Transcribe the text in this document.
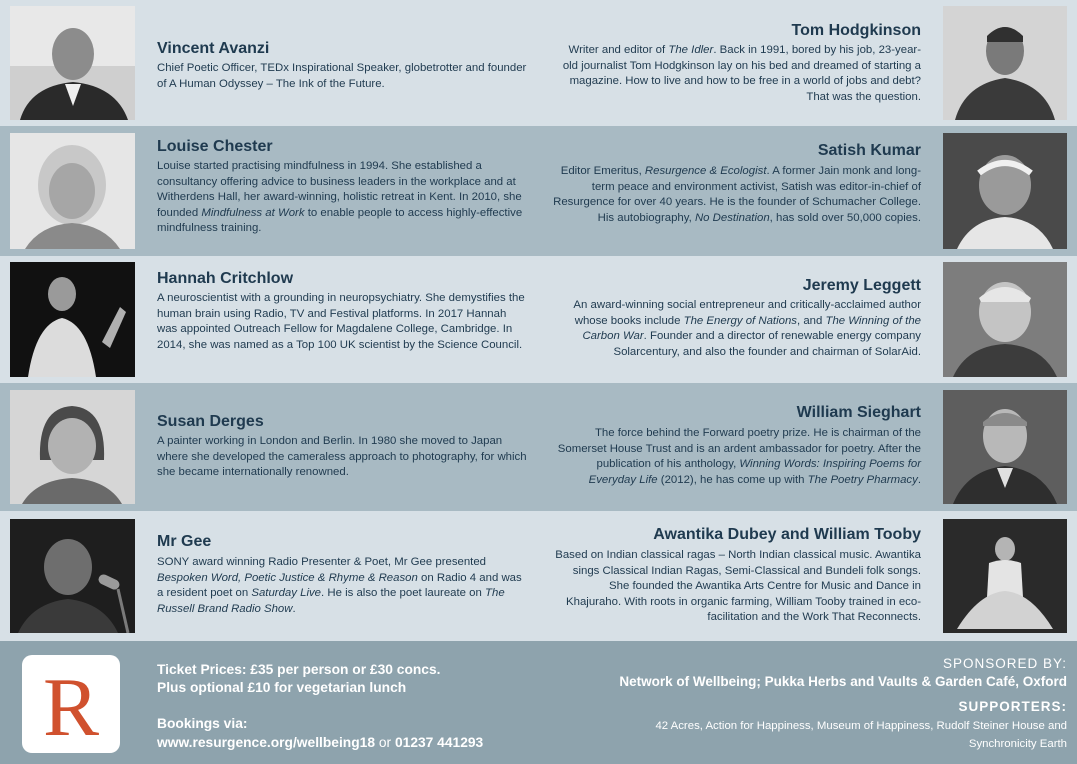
Vincent Avanzi
Chief Poetic Officer, TEDx Inspirational Speaker, globetrotter and founder of A Human Odyssey – The Ink of the Future.
Tom Hodgkinson
Writer and editor of The Idler. Back in 1991, bored by his job, 23-year-old journalist Tom Hodgkinson lay on his bed and dreamed of starting a magazine. How to live and how to be free in a world of jobs and debt? That was the question.
Louise Chester
Louise started practising mindfulness in 1994. She established a consultancy offering advice to business leaders in the workplace and at Witherdens Hall, her award-winning, holistic retreat in Kent. In 2010, she founded Mindfulness at Work to enable people to access highly-effective mindfulness training.
Satish Kumar
Editor Emeritus, Resurgence & Ecologist. A former Jain monk and long-term peace and environment activist, Satish was editor-in-chief of Resurgence for over 40 years. He is the founder of Schumacher College. His autobiography, No Destination, has sold over 50,000 copies.
Hannah Critchlow
A neuroscientist with a grounding in neuropsychiatry. She demystifies the human brain using Radio, TV and Festival platforms. In 2017 Hannah was appointed Outreach Fellow for Magdalene College, Cambridge. In 2014, she was named as a Top 100 UK scientist by the Science Council.
Jeremy Leggett
An award-winning social entrepreneur and critically-acclaimed author whose books include The Energy of Nations, and The Winning of the Carbon War. Founder and a director of renewable energy company Solarcentury, and also the founder and chairman of SolarAid.
Susan Derges
A painter working in London and Berlin. In 1980 she moved to Japan where she developed the cameraless approach to photography, for which she became internationally renowned.
William Sieghart
The force behind the Forward poetry prize. He is chairman of the Somerset House Trust and is an ardent ambassador for poetry. After the publication of his anthology, Winning Words: Inspiring Poems for Everyday Life (2012), he has come up with The Poetry Pharmacy.
Mr Gee
SONY award winning Radio Presenter & Poet, Mr Gee presented Bespoken Word, Poetic Justice & Rhyme & Reason on Radio 4 and was a resident poet on Saturday Live. He is also the poet laureate on The Russell Brand Radio Show.
Awantika Dubey and William Tooby
Based on Indian classical ragas – North Indian classical music. Awantika sings Classical Indian Ragas, Semi-Classical and Bundeli folk songs. She founded the Awantika Arts Centre for Music and Dance in Khajuraho. With roots in organic farming, William Tooby trained in eco-facilitation and the Work That Reconnects.
R	Ticket Prices: £35 per person or £30 concs.
Plus optional £10 for vegetarian lunch
Bookings via:
www.resurgence.org/wellbeing18 or 01237 441293
SPONSORED BY:
Network of Wellbeing; Pukka Herbs and Vaults & Garden Café, Oxford
SUPPORTERS:
42 Acres, Action for Happiness, Museum of Happiness, Rudolf Steiner House and Synchronicity Earth
